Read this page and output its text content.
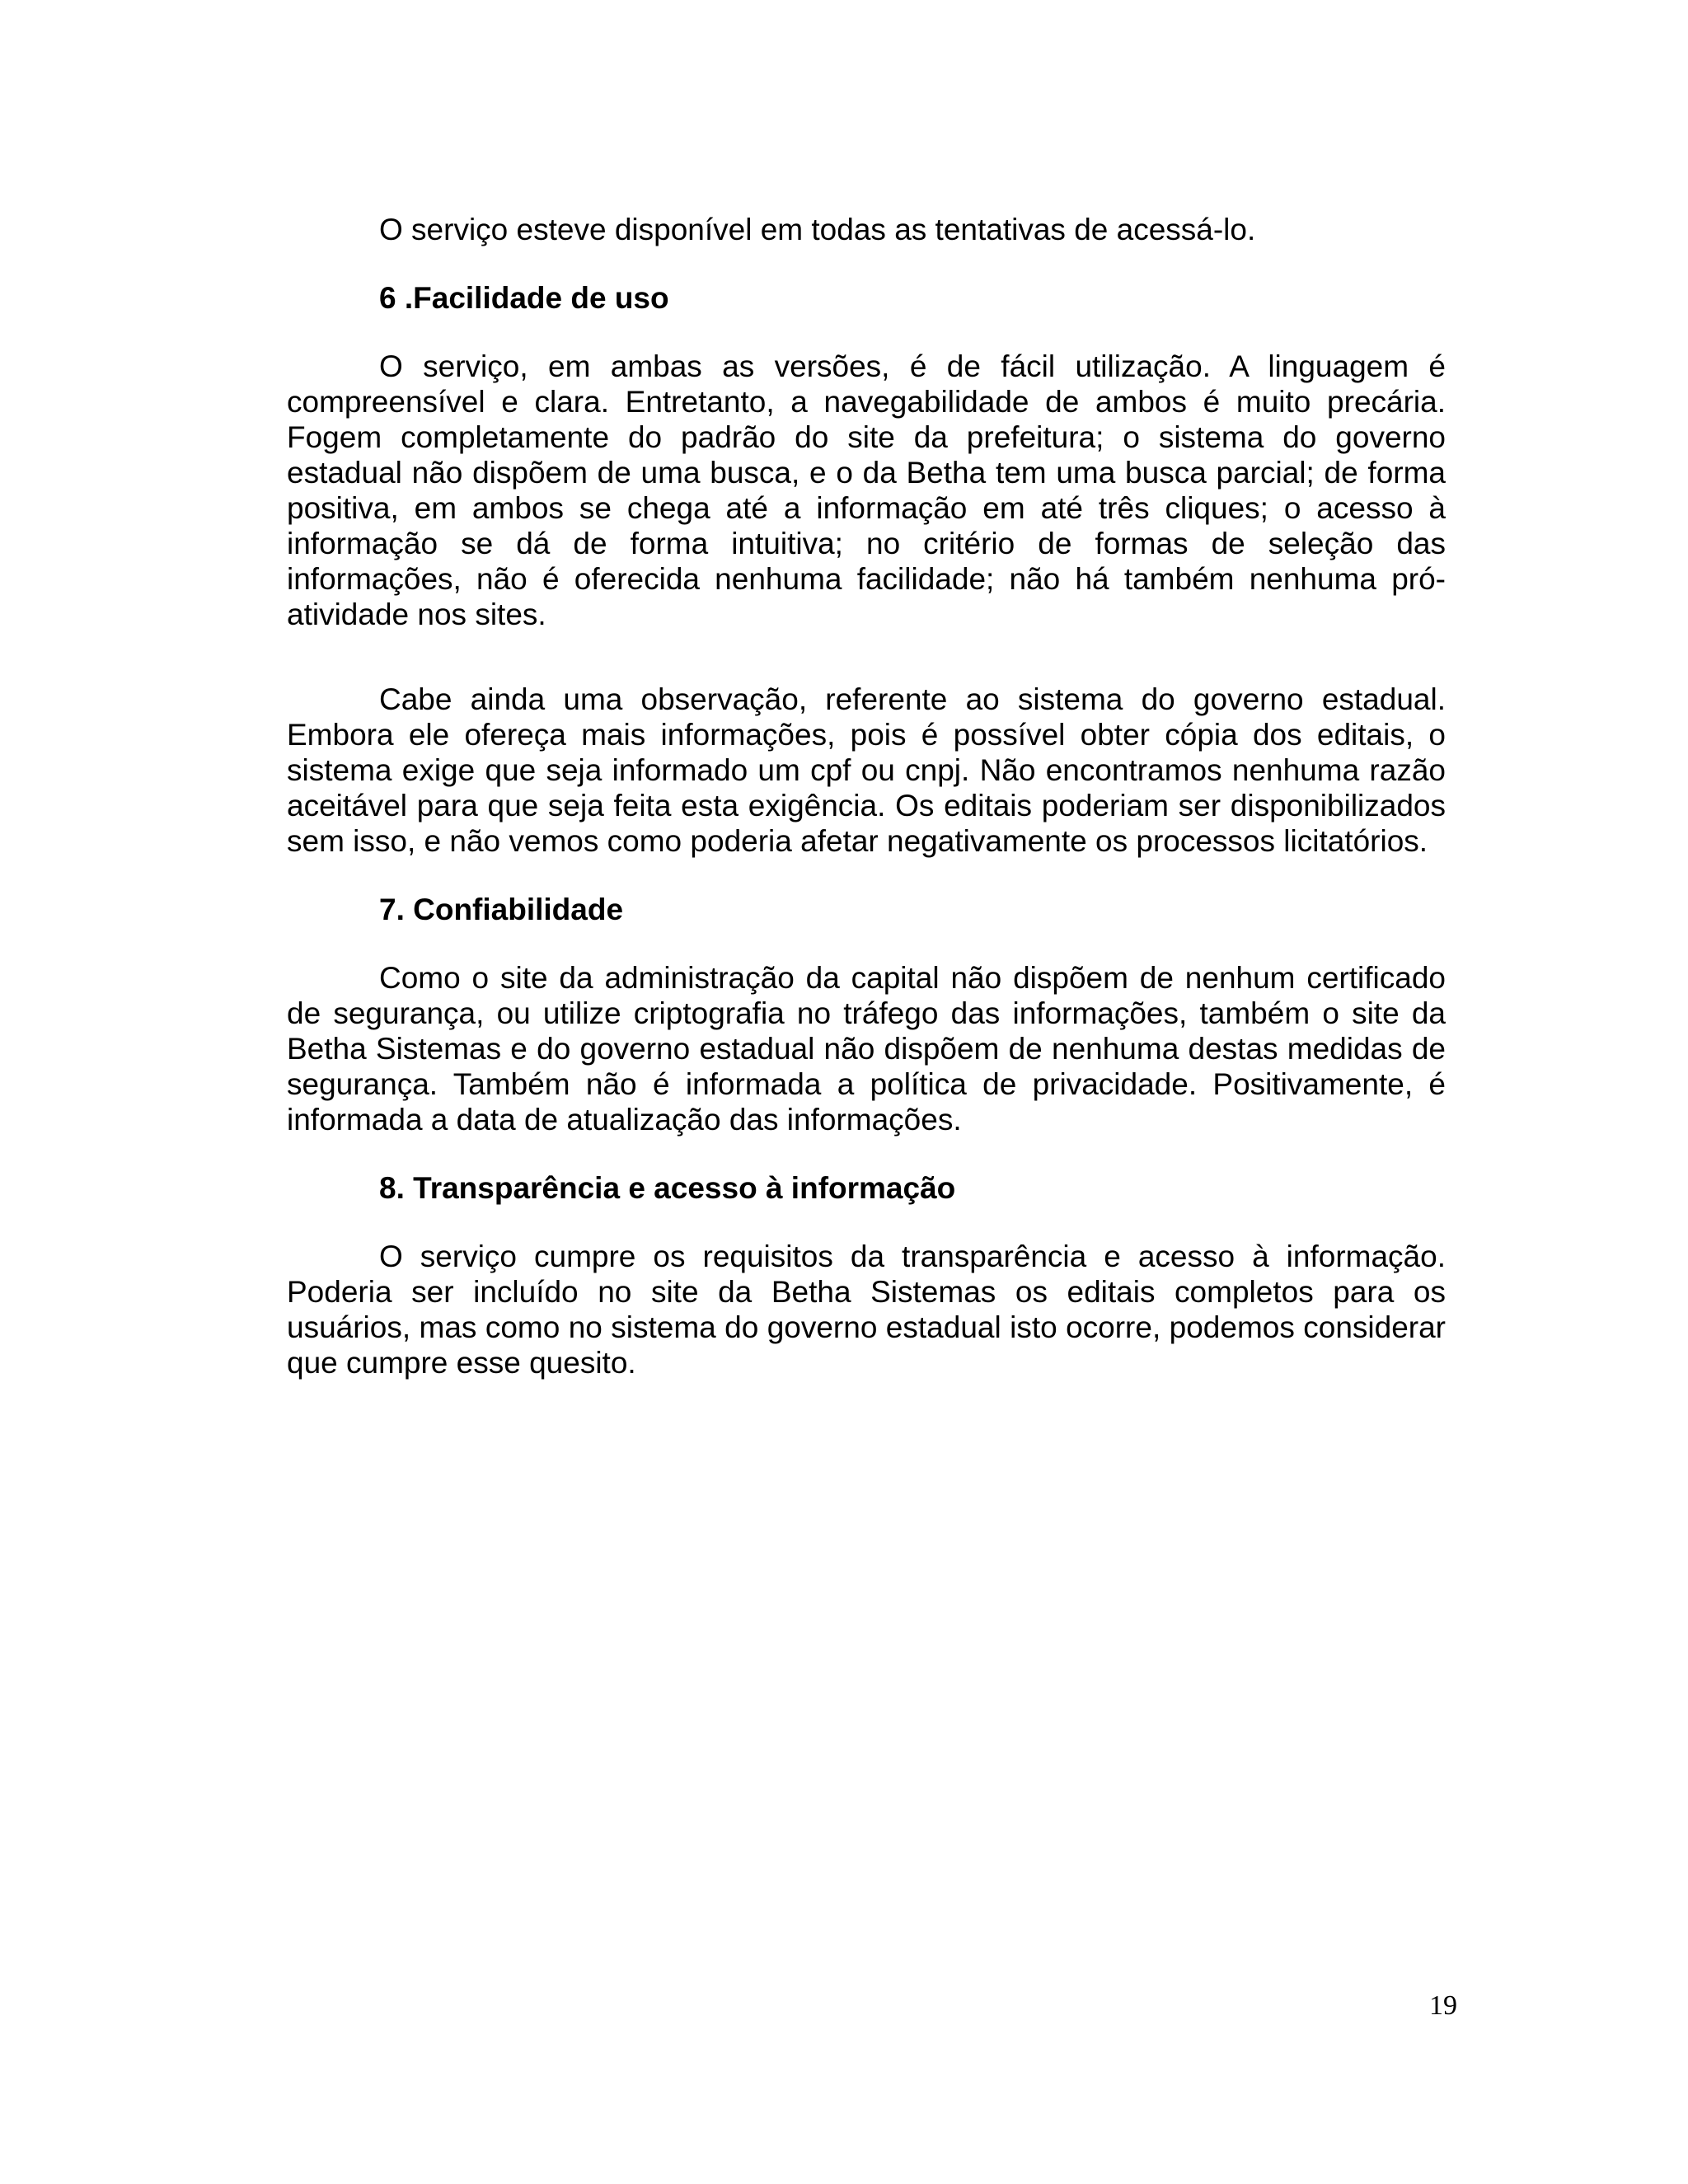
O serviço esteve disponível em todas as tentativas de acessá-lo.

6 .Facilidade de uso

O serviço, em ambas as versões, é de fácil utilização. A linguagem é compreensível e clara. Entretanto, a navegabilidade de ambos é muito precária. Fogem completamente do padrão do site da prefeitura; o sistema do governo estadual não dispõem de uma busca, e o da Betha tem uma busca parcial; de forma positiva, em ambos se chega até a informação em até três cliques; o acesso à informação se dá de forma intuitiva; no critério de formas de seleção das informações, não é oferecida nenhuma facilidade; não há também nenhuma pró-atividade nos sites.

Cabe ainda uma observação, referente ao sistema do governo estadual. Embora ele ofereça mais informações, pois é possível obter cópia dos editais, o sistema exige que seja informado um cpf ou cnpj. Não encontramos nenhuma razão aceitável para que seja feita esta exigência. Os editais poderiam ser disponibilizados sem isso, e não vemos como poderia afetar negativamente os processos licitatórios.

7. Confiabilidade

Como o site da administração da capital não dispõem de nenhum certificado de segurança, ou utilize criptografia no tráfego das informações, também o site da Betha Sistemas e do governo estadual não dispõem de nenhuma destas medidas de segurança. Também não é informada a política de privacidade. Positivamente, é informada a data de atualização das informações.

8. Transparência e acesso à informação

O serviço cumpre os requisitos da transparência e acesso à informação. Poderia ser incluído no site da Betha Sistemas os editais completos para os usuários, mas como no sistema do governo estadual isto ocorre, podemos considerar que cumpre esse quesito.

19
